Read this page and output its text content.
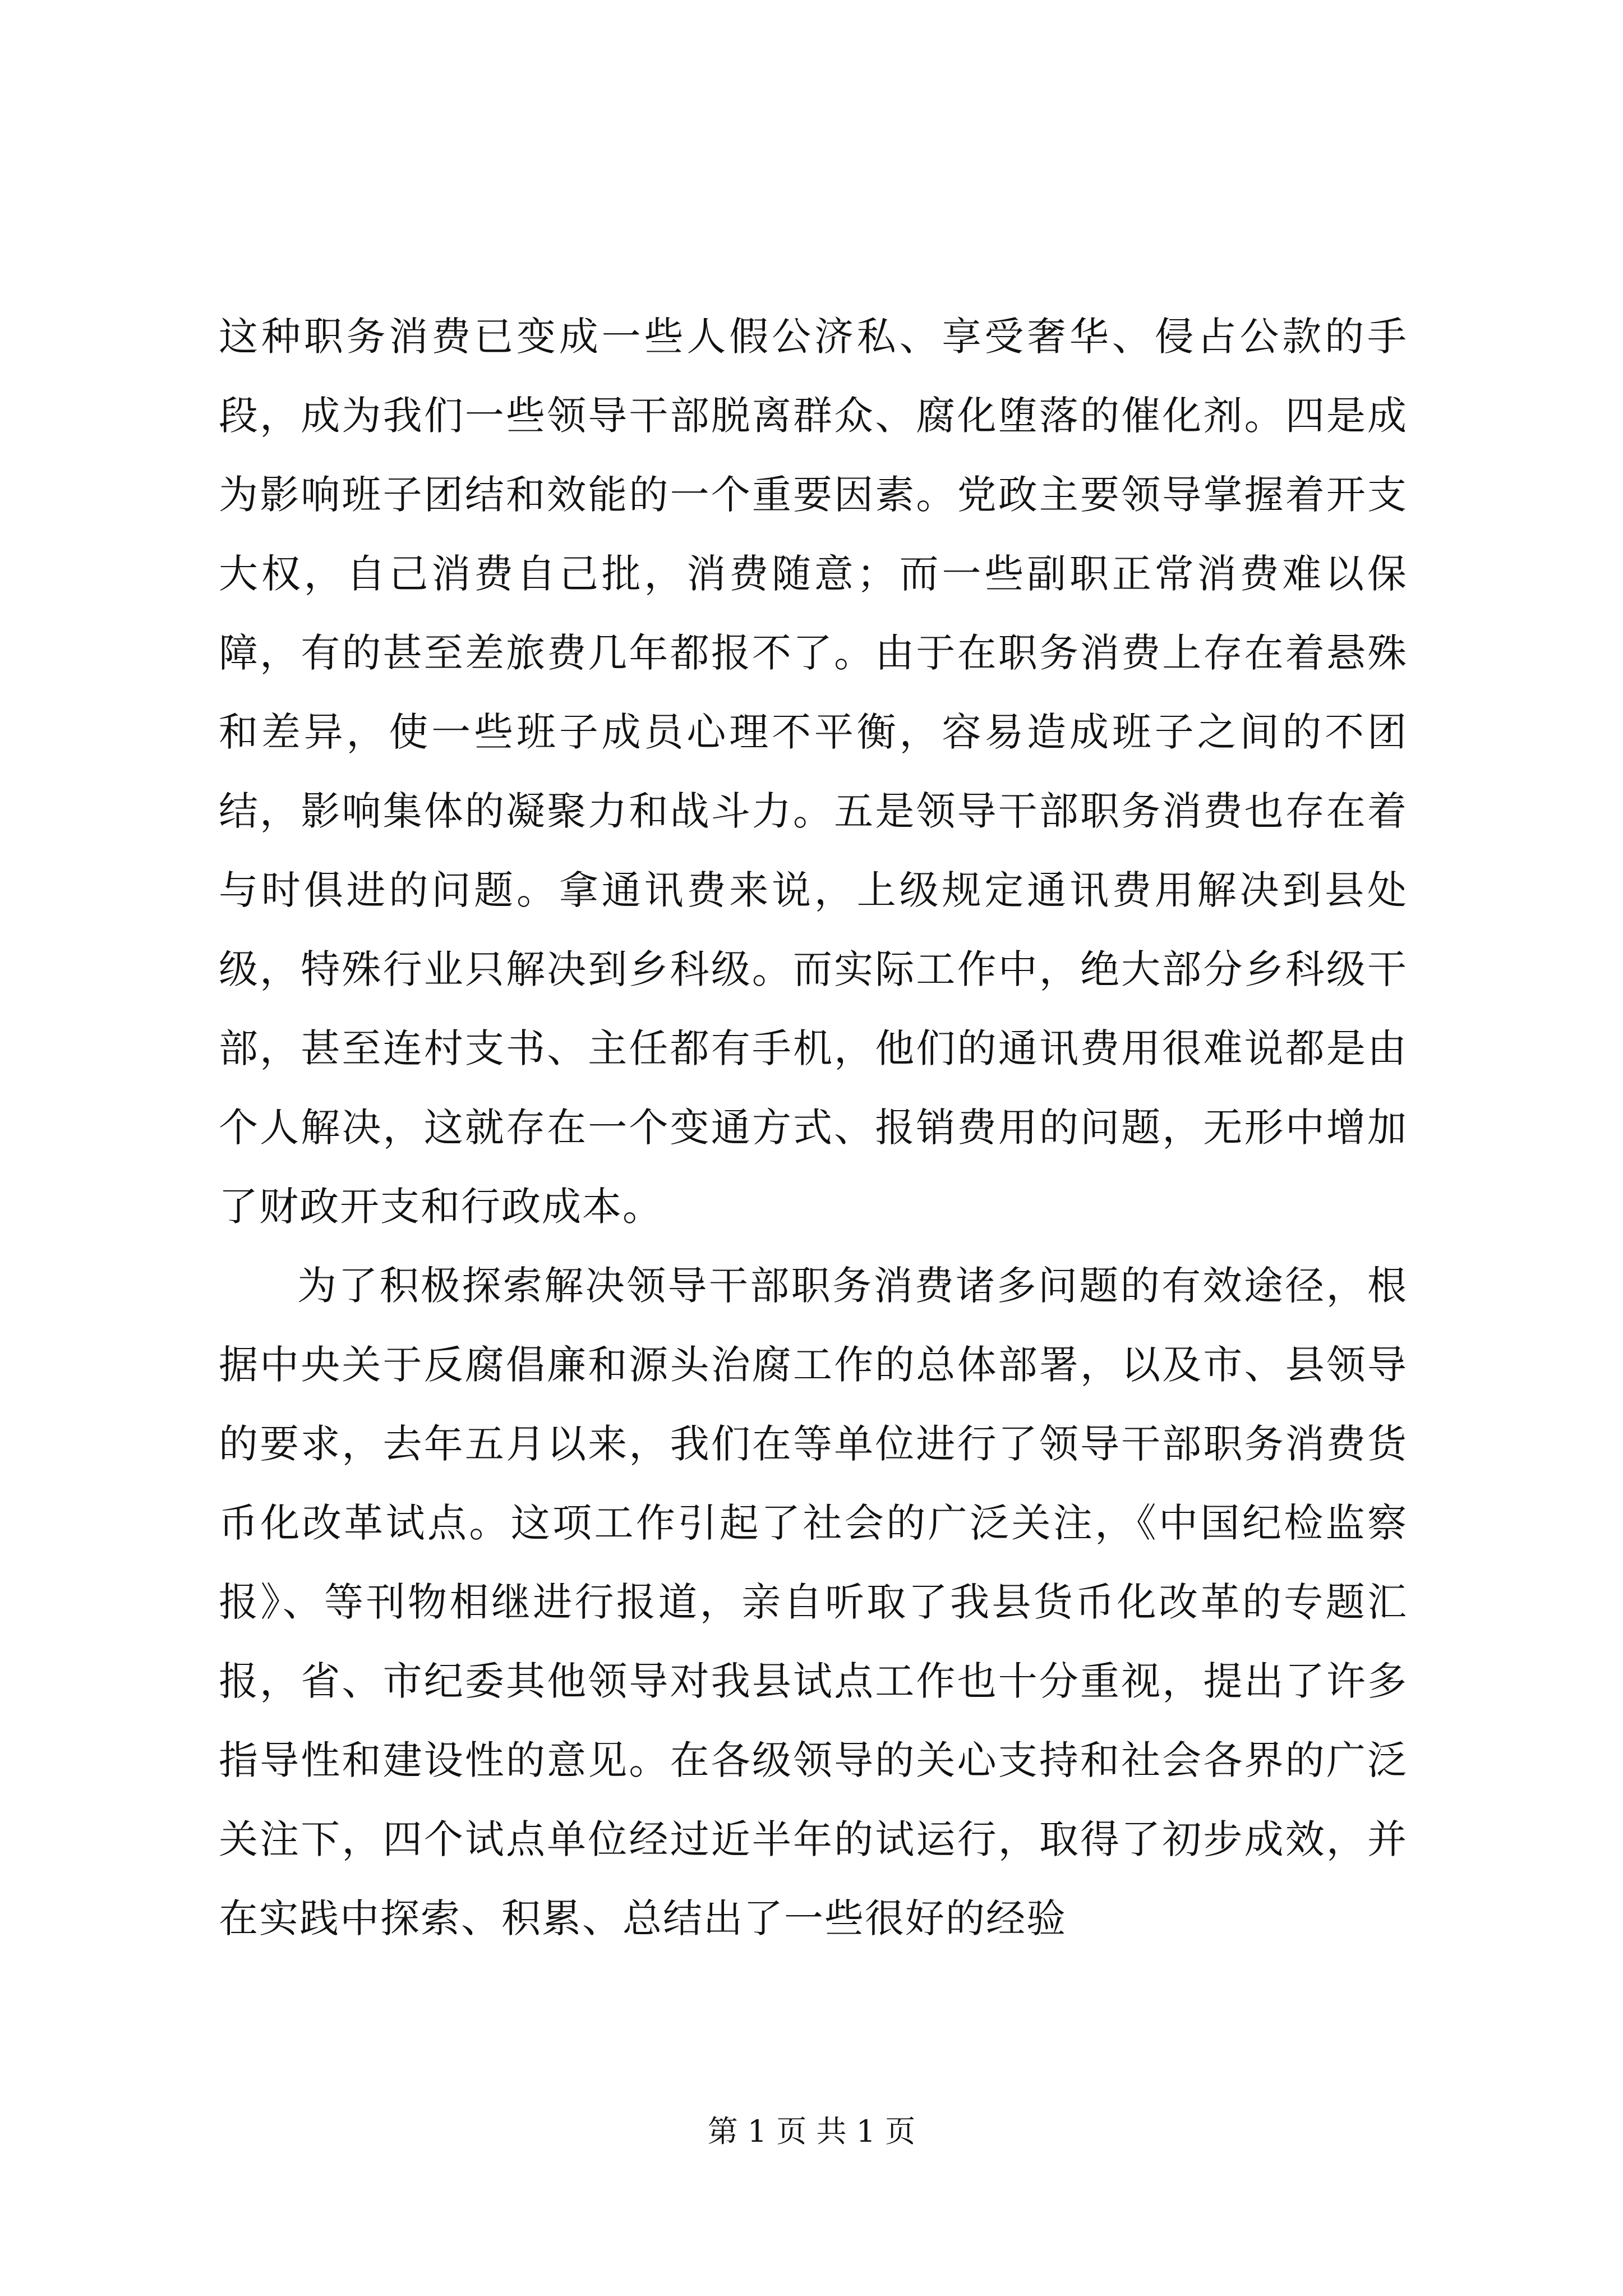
这种职务消费已变成一些人假公济私、享受奢华、侵占公款的手段，成为我们一些领导干部脱离群众、腐化堕落的催化剂。四是成为影响班子团结和效能的一个重要因素。党政主要领导掌握着开支大权，自己消费自己批，消费随意；而一些副职正常消费难以保障，有的甚至差旅费几年都报不了。由于在职务消费上存在着悬殊和差异，使一些班子成员心理不平衡，容易造成班子之间的不团结，影响集体的凝聚力和战斗力。五是领导干部职务消费也存在着与时俱进的问题。拿通讯费来说，上级规定通讯费用解决到县处级，特殊行业只解决到乡科级。而实际工作中，绝大部分乡科级干部，甚至连村支书、主任都有手机，他们的通讯费用很难说都是由个人解决，这就存在一个变通方式、报销费用的问题，无形中增加了财政开支和行政成本。

为了积极探索解决领导干部职务消费诸多问题的有效途径，根据中央关于反腐倡廉和源头治腐工作的总体部署，以及市、县领导的要求，去年五月以来，我们在等单位进行了领导干部职务消费货币化改革试点。这项工作引起了社会的广泛关注，《中国纪检监察报》、等刊物相继进行报道，亲自听取了我县货币化改革的专题汇报，省、市纪委其他领导对我县试点工作也十分重视，提出了许多指导性和建设性的意见。在各级领导的关心支持和社会各界的广泛关注下，四个试点单位经过近半年的试运行，取得了初步成效，并在实践中探索、积累、总结出了一些很好的经验

第 1 页 共 1 页
